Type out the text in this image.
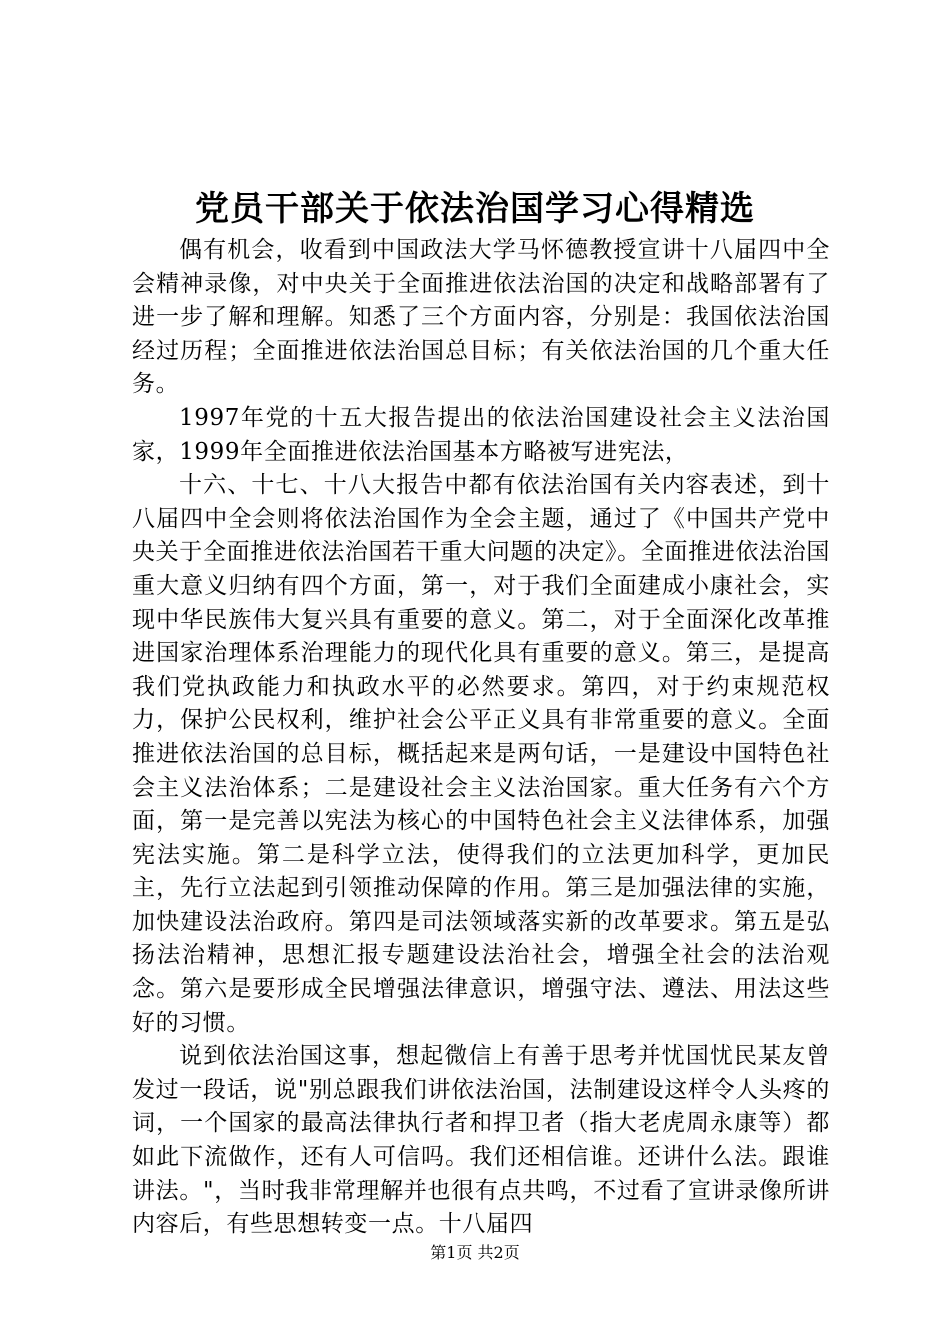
党员干部关于依法治国学习心得精选

偶有机会，收看到中国政法大学马怀德教授宣讲十八届四中全会精神录像，对中央关于全面推进依法治国的决定和战略部署有了进一步了解和理解。知悉了三个方面内容，分别是：我国依法治国经过历程；全面推进依法治国总目标；有关依法治国的几个重大任务。

1997年党的十五大报告提出的依法治国建设社会主义法治国家，1999年全面推进依法治国基本方略被写进宪法，

十六、十七、十八大报告中都有依法治国有关内容表述，到十八届四中全会则将依法治国作为全会主题，通过了《中国共产党中央关于全面推进依法治国若干重大问题的决定》。全面推进依法治国重大意义归纳有四个方面，第一，对于我们全面建成小康社会，实现中华民族伟大复兴具有重要的意义。第二，对于全面深化改革推进国家治理体系治理能力的现代化具有重要的意义。第三，是提高我们党执政能力和执政水平的必然要求。第四，对于约束规范权力，保护公民权利，维护社会公平正义具有非常重要的意义。全面推进依法治国的总目标，概括起来是两句话，一是建设中国特色社会主义法治体系；二是建设社会主义法治国家。重大任务有六个方面，第一是完善以宪法为核心的中国特色社会主义法律体系，加强宪法实施。第二是科学立法，使得我们的立法更加科学，更加民主，先行立法起到引领推动保障的作用。第三是加强法律的实施，加快建设法治政府。第四是司法领域落实新的改革要求。第五是弘扬法治精神，思想汇报专题建设法治社会，增强全社会的法治观念。第六是要形成全民增强法律意识，增强守法、遵法、用法这些好的习惯。

说到依法治国这事，想起微信上有善于思考并忧国忧民某友曾发过一段话，说"别总跟我们讲依法治国，法制建设这样令人头疼的词，一个国家的最高法律执行者和捍卫者（指大老虎周永康等）都如此下流做作，还有人可信吗。我们还相信谁。还讲什么法。跟谁讲法。"，当时我非常理解并也很有点共鸣，不过看了宣讲录像所讲内容后，有些思想转变一点。十八届四

第1页 共2页
